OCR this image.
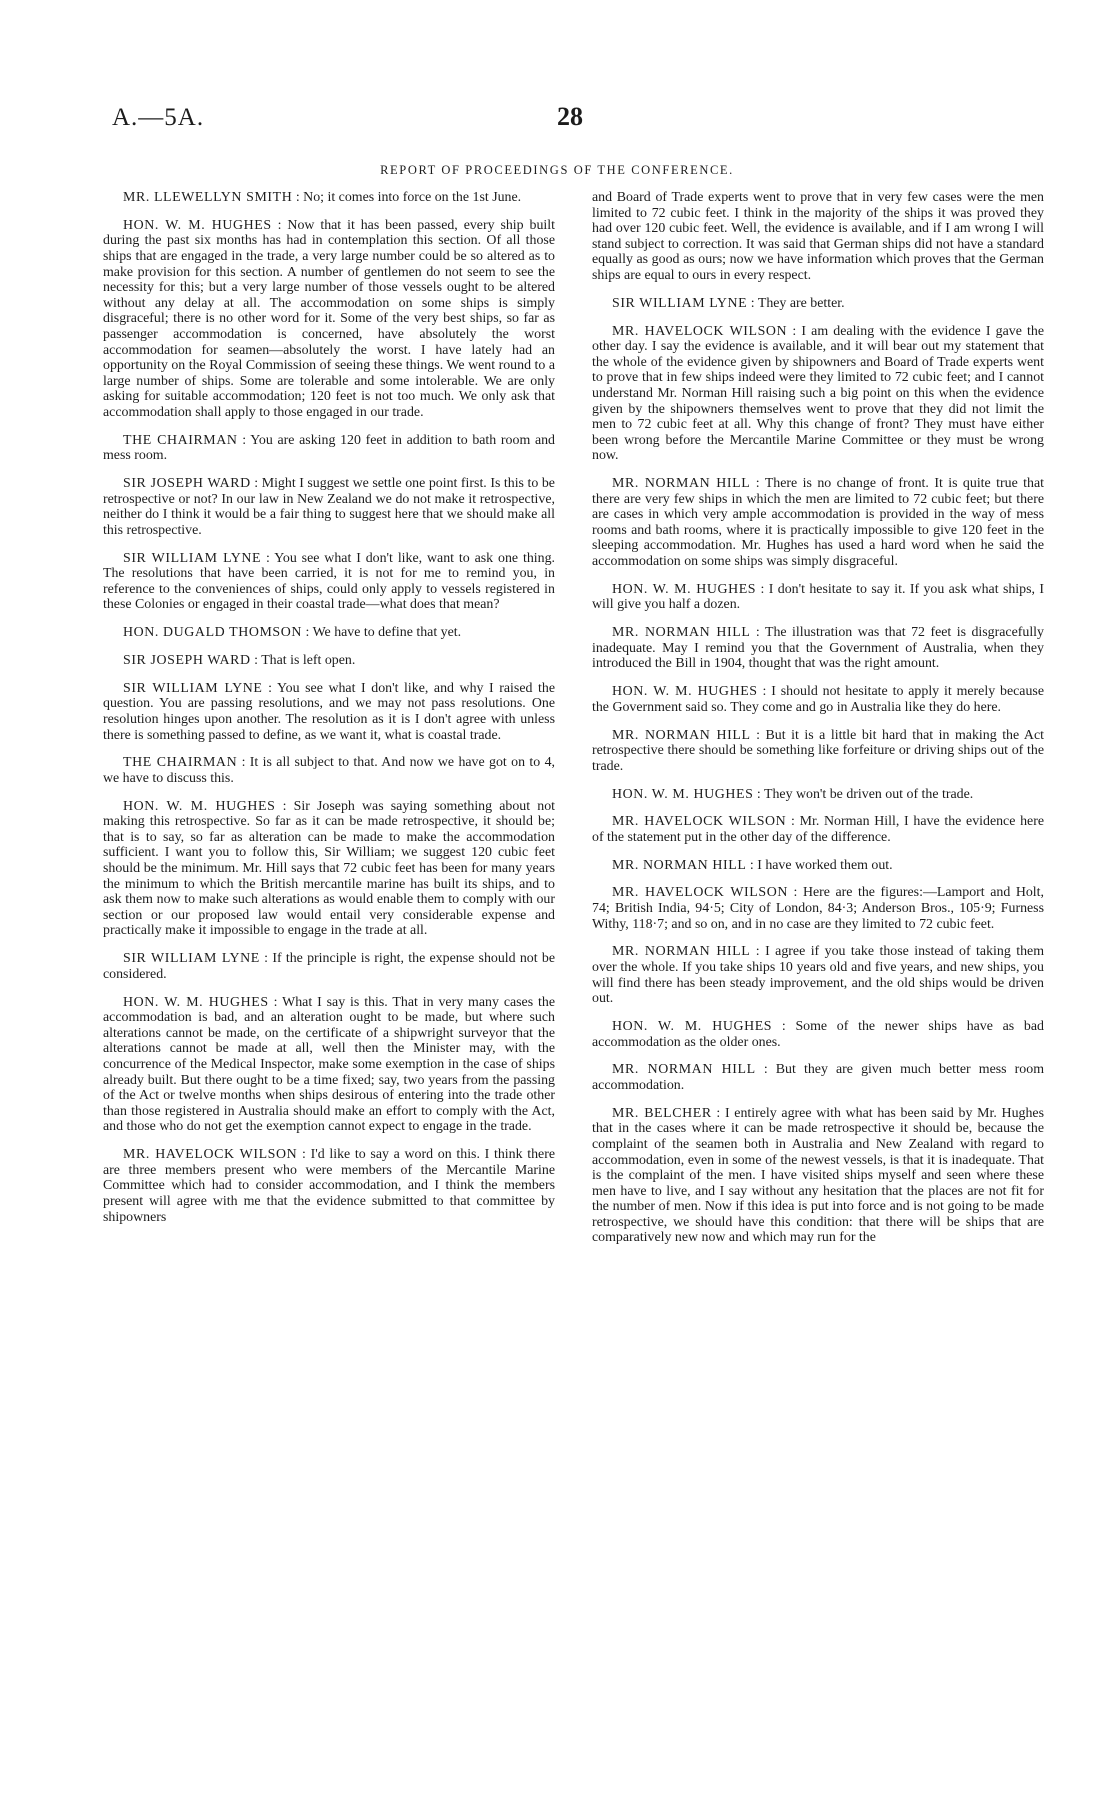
A.—5A.	28
REPORT OF PROCEEDINGS OF THE CONFERENCE.

MR. LLEWELLYN SMITH : No; it comes into force on the 1st June.

HON. W. M. HUGHES : Now that it has been passed, every ship built during the past six months has had in contemplation this section. Of all those ships that are engaged in the trade, a very large number could be so altered as to make provision for this section. A number of gentlemen do not seem to see the necessity for this; but a very large number of those vessels ought to be altered without any delay at all. The accommodation on some ships is simply disgraceful; there is no other word for it. Some of the very best ships, so far as passenger accommodation is concerned, have absolutely the worst accommodation for seamen—absolutely the worst. I have lately had an opportunity on the Royal Commission of seeing these things. We went round to a large number of ships. Some are tolerable and some intolerable. We are only asking for suitable accommodation; 120 feet is not too much. We only ask that accommodation shall apply to those engaged in our trade.

THE CHAIRMAN : You are asking 120 feet in addition to bath room and mess room.

SIR JOSEPH WARD : Might I suggest we settle one point first. Is this to be retrospective or not? In our law in New Zealand we do not make it retrospective, neither do I think it would be a fair thing to suggest here that we should make all this retrospective.

SIR WILLIAM LYNE : You see what I don't like, want to ask one thing. The resolutions that have been carried, it is not for me to remind you, in reference to the conveniences of ships, could only apply to vessels registered in these Colonies or engaged in their coastal trade—what does that mean?

HON. DUGALD THOMSON : We have to define that yet.

SIR JOSEPH WARD : That is left open.

SIR WILLIAM LYNE : You see what I don't like, and why I raised the question. You are passing resolutions, and we may not pass resolutions. One resolution hinges upon another. The resolution as it is I don't agree with unless there is something passed to define, as we want it, what is coastal trade.

THE CHAIRMAN : It is all subject to that. And now we have got on to 4, we have to discuss this.

HON. W. M. HUGHES : Sir Joseph was saying something about not making this retrospective. So far as it can be made retrospective, it should be; that is to say, so far as alteration can be made to make the accommodation sufficient. I want you to follow this, Sir William; we suggest 120 cubic feet should be the minimum. Mr. Hill says that 72 cubic feet has been for many years the minimum to which the British mercantile marine has built its ships, and to ask them now to make such alterations as would enable them to comply with our section or our proposed law would entail very considerable expense and practically make it impossible to engage in the trade at all.

SIR WILLIAM LYNE : If the principle is right, the expense should not be considered.

HON. W. M. HUGHES : What I say is this. That in very many cases the accommodation is bad, and an alteration ought to be made, but where such alterations cannot be made, on the certificate of a shipwright surveyor that the alterations cannot be made at all, well then the Minister may, with the concurrence of the Medical Inspector, make some exemption in the case of ships already built. But there ought to be a time fixed; say, two years from the passing of the Act or twelve months when ships desirous of entering into the trade other than those registered in Australia should make an effort to comply with the Act, and those who do not get the exemption cannot expect to engage in the trade.

MR. HAVELOCK WILSON : I'd like to say a word on this. I think there are three members present who were members of the Mercantile Marine Committee which had to consider accommodation, and I think the members present will agree with me that the evidence submitted to that committee by shipowners

and Board of Trade experts went to prove that in very few cases were the men limited to 72 cubic feet. I think in the majority of the ships it was proved they had over 120 cubic feet. Well, the evidence is available, and if I am wrong I will stand subject to correction. It was said that German ships did not have a standard equally as good as ours; now we have information which proves that the German ships are equal to ours in every respect.

SIR WILLIAM LYNE : They are better.

MR. HAVELOCK WILSON : I am dealing with the evidence I gave the other day. I say the evidence is available, and it will bear out my statement that the whole of the evidence given by shipowners and Board of Trade experts went to prove that in few ships indeed were they limited to 72 cubic feet; and I cannot understand Mr. Norman Hill raising such a big point on this when the evidence given by the shipowners themselves went to prove that they did not limit the men to 72 cubic feet at all. Why this change of front? They must have either been wrong before the Mercantile Marine Committee or they must be wrong now.

MR. NORMAN HILL : There is no change of front. It is quite true that there are very few ships in which the men are limited to 72 cubic feet; but there are cases in which very ample accommodation is provided in the way of mess rooms and bath rooms, where it is practically impossible to give 120 feet in the sleeping accommodation. Mr. Hughes has used a hard word when he said the accommodation on some ships was simply disgraceful.

HON. W. M. HUGHES : I don't hesitate to say it. If you ask what ships, I will give you half a dozen.

MR. NORMAN HILL : The illustration was that 72 feet is disgracefully inadequate. May I remind you that the Government of Australia, when they introduced the Bill in 1904, thought that was the right amount.

HON. W. M. HUGHES : I should not hesitate to apply it merely because the Government said so. They come and go in Australia like they do here.

MR. NORMAN HILL : But it is a little bit hard that in making the Act retrospective there should be something like forfeiture or driving ships out of the trade.

HON. W. M. HUGHES : They won't be driven out of the trade.

MR. HAVELOCK WILSON : Mr. Norman Hill, I have the evidence here of the statement put in the other day of the difference.

MR. NORMAN HILL : I have worked them out.

MR. HAVELOCK WILSON : Here are the figures:—Lamport and Holt, 74; British India, 94·5; City of London, 84·3; Anderson Bros., 105·9; Furness Withy, 118·7; and so on, and in no case are they limited to 72 cubic feet.

MR. NORMAN HILL : I agree if you take those instead of taking them over the whole. If you take ships 10 years old and five years, and new ships, you will find there has been steady improvement, and the old ships would be driven out.

HON. W. M. HUGHES : Some of the newer ships have as bad accommodation as the older ones.

MR. NORMAN HILL : But they are given much better mess room accommodation.

MR. BELCHER : I entirely agree with what has been said by Mr. Hughes that in the cases where it can be made retrospective it should be, because the complaint of the seamen both in Australia and New Zealand with regard to accommodation, even in some of the newest vessels, is that it is inadequate. That is the complaint of the men. I have visited ships myself and seen where these men have to live, and I say without any hesitation that the places are not fit for the number of men. Now if this idea is put into force and is not going to be made retrospective, we should have this condition: that there will be ships that are comparatively new now and which may run for the
